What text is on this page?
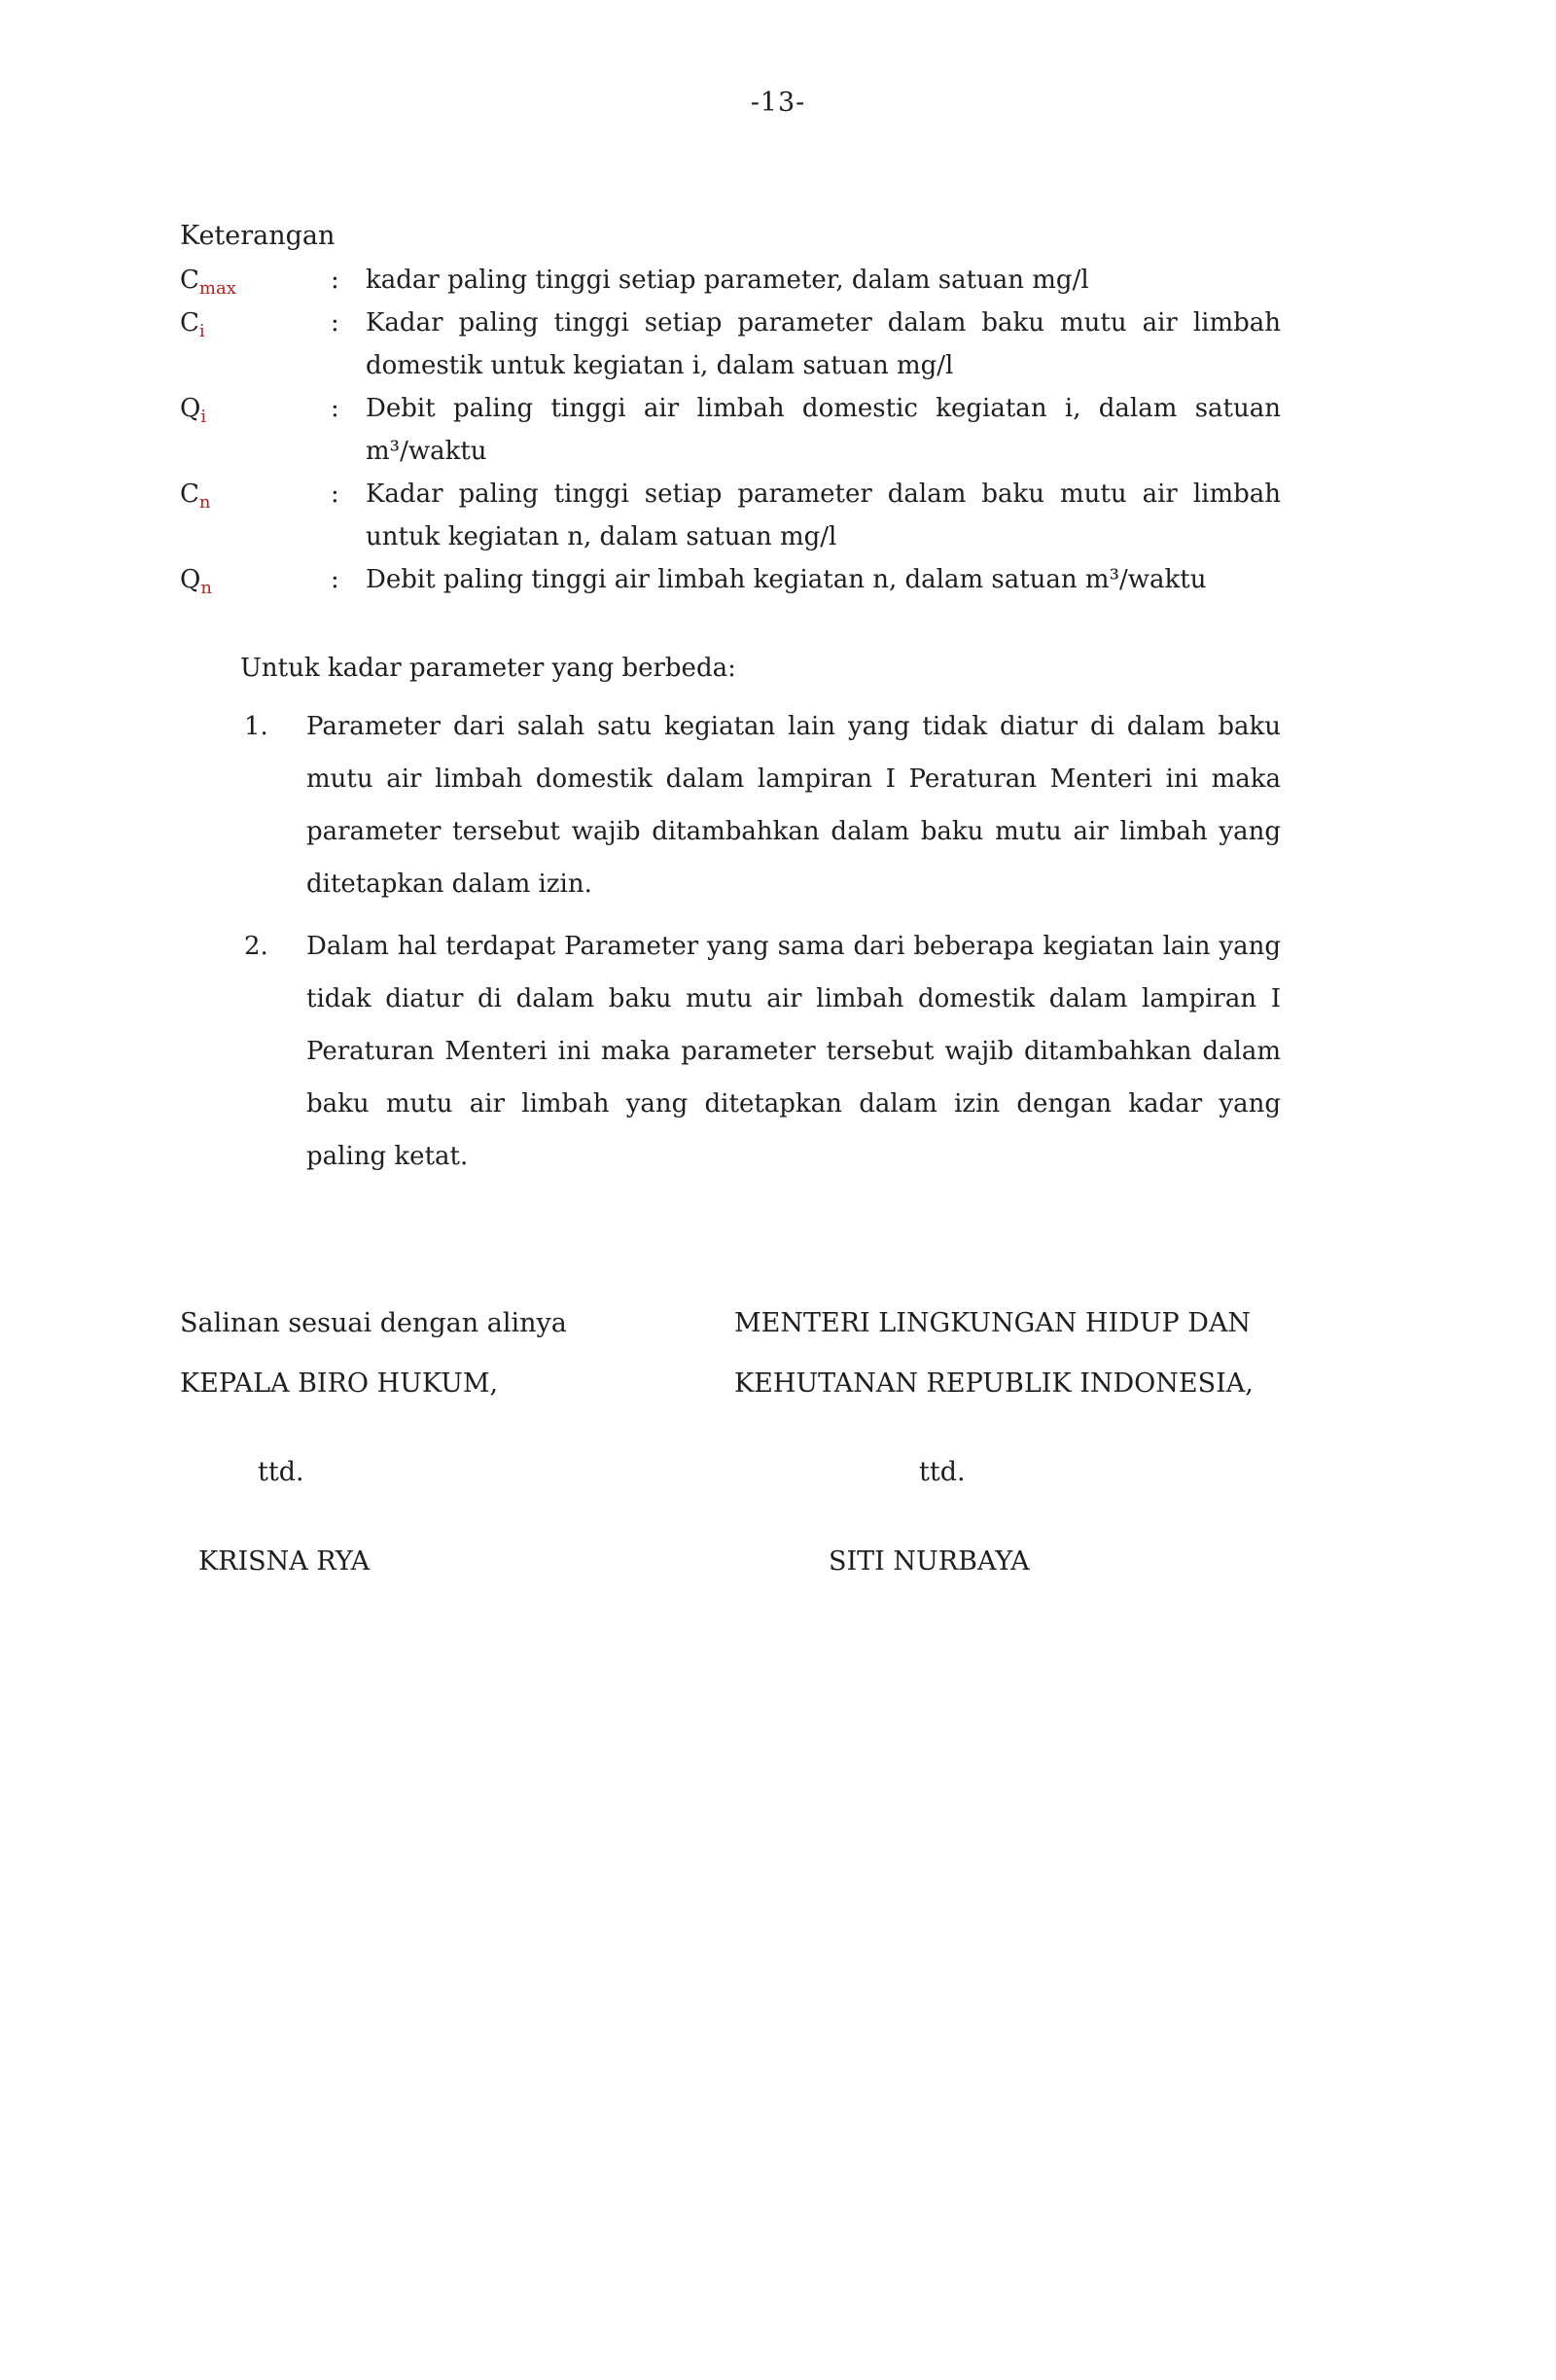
-13-
Keterangan
$C_{max}$	:	kadar paling tinggi setiap parameter, dalam satuan mg/l
$C_i$	:	Kadar paling tinggi setiap parameter dalam baku mutu air limbah domestik untuk kegiatan i, dalam satuan mg/l
$Q_i$	:	Debit paling tinggi air limbah domestic kegiatan i, dalam satuan m³/waktu
$C_n$	:	Kadar paling tinggi setiap parameter dalam baku mutu air limbah untuk kegiatan n, dalam satuan mg/l
$Q_n$	:	Debit paling tinggi air limbah kegiatan n, dalam satuan m³/waktu
Untuk kadar parameter yang berbeda:
1.	Parameter dari salah satu kegiatan lain yang tidak diatur di dalam baku mutu air limbah domestik dalam lampiran I Peraturan Menteri ini maka parameter tersebut wajib ditambahkan dalam baku mutu air limbah yang ditetapkan dalam izin.
2.	Dalam hal terdapat Parameter yang sama dari beberapa kegiatan lain yang tidak diatur di dalam baku mutu air limbah domestik dalam lampiran I Peraturan Menteri ini maka parameter tersebut wajib ditambahkan dalam baku mutu air limbah yang ditetapkan dalam izin dengan kadar yang paling ketat.
Salinan sesuai dengan alinya
KEPALA BIRO HUKUM,
ttd.
KRISNA RYA
MENTERI LINGKUNGAN HIDUP DAN
KEHUTANAN REPUBLIK INDONESIA,
ttd.
SITI NURBAYA
